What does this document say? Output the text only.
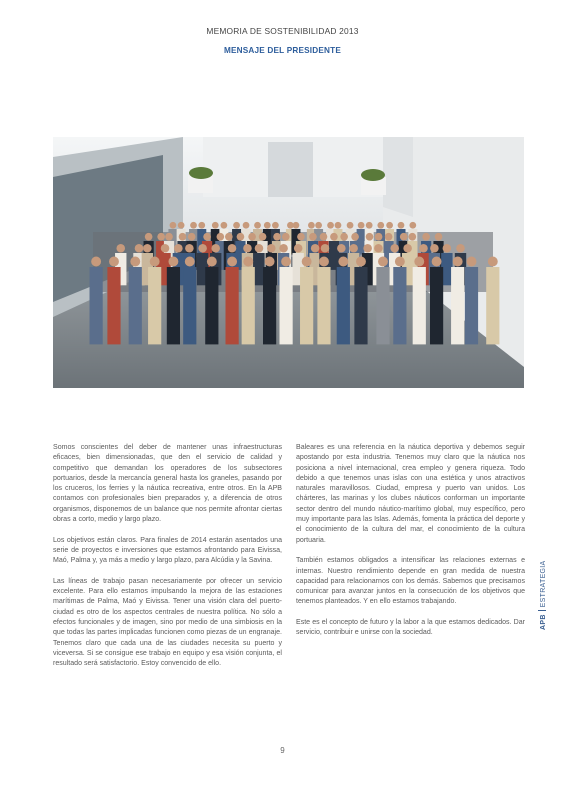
MEMORIA DE SOSTENIBILIDAD 2013
MENSAJE DEL PRESIDENTE

Somos conscientes del deber de mantener unas infraestructuras eficaces, bien dimensionadas, que den el servicio de calidad y competitivo que demandan los operadores de los subsectores portuarios, desde la mercancía general hasta los graneles, pasando por los cruceros, los ferries y la náutica recreativa, entre otros. En la APB contamos con profesionales bien preparados y, a diferencia de otros organismos, disponemos de un balance que nos permite afrontar ciertas obras a corto, medio y largo plazo.

Los objetivos están claros. Para finales de 2014 estarán asentados una serie de proyectos e inversiones que estamos afrontando para Eivissa, Maó, Palma y, ya más a medio y largo plazo, para Alcúdia y la Savina.

Las líneas de trabajo pasan necesariamente por ofrecer un servicio excelente. Para ello estamos impulsando la mejora de las estaciones marítimas de Palma, Maó y Eivissa. Tener una visión clara del puerto-ciudad es otro de los aspectos centrales de nuestra política. No sólo a efectos funcionales y de imagen, sino por medio de una simbiosis en la que todas las partes implicadas funcionen como piezas de un engranaje. Tenemos claro que cada una de las ciudades necesita su puerto y viceversa. Si se consigue ese trabajo en equipo y esa visión conjunta, el resultado será satisfactorio. Estoy convencido de ello.

Baleares es una referencia en la náutica deportiva y debemos seguir apostando por esta industria. Tenemos muy claro que la náutica nos posiciona a nivel internacional, crea empleo y genera riqueza. Todo debido a que tenemos unas islas con una estética y unos atractivos naturales maravillosos. Ciudad, empresa y puerto van unidos. Los chárteres, las marinas y los clubes náuticos conforman un importante sector dentro del mundo náutico-marítimo global, muy específico, pero muy importante para las Islas. Además, fomenta la práctica del deporte y el conocimiento de la cultura del mar, el conocimiento de la cultura portuaria.

También estamos obligados a intensificar las relaciones externas e internas. Nuestro rendimiento depende en gran medida de nuestra capacidad para relacionarnos con los demás. Sabemos que precisamos comunicar para avanzar juntos en la consecución de los objetivos que tenemos planteados. Y en ello estamos trabajando.

Este es el concepto de futuro y la labor a la que estamos dedicados. Dar servicio, contribuir e unirse con la sociedad.

APBESTRATEGIA
9
